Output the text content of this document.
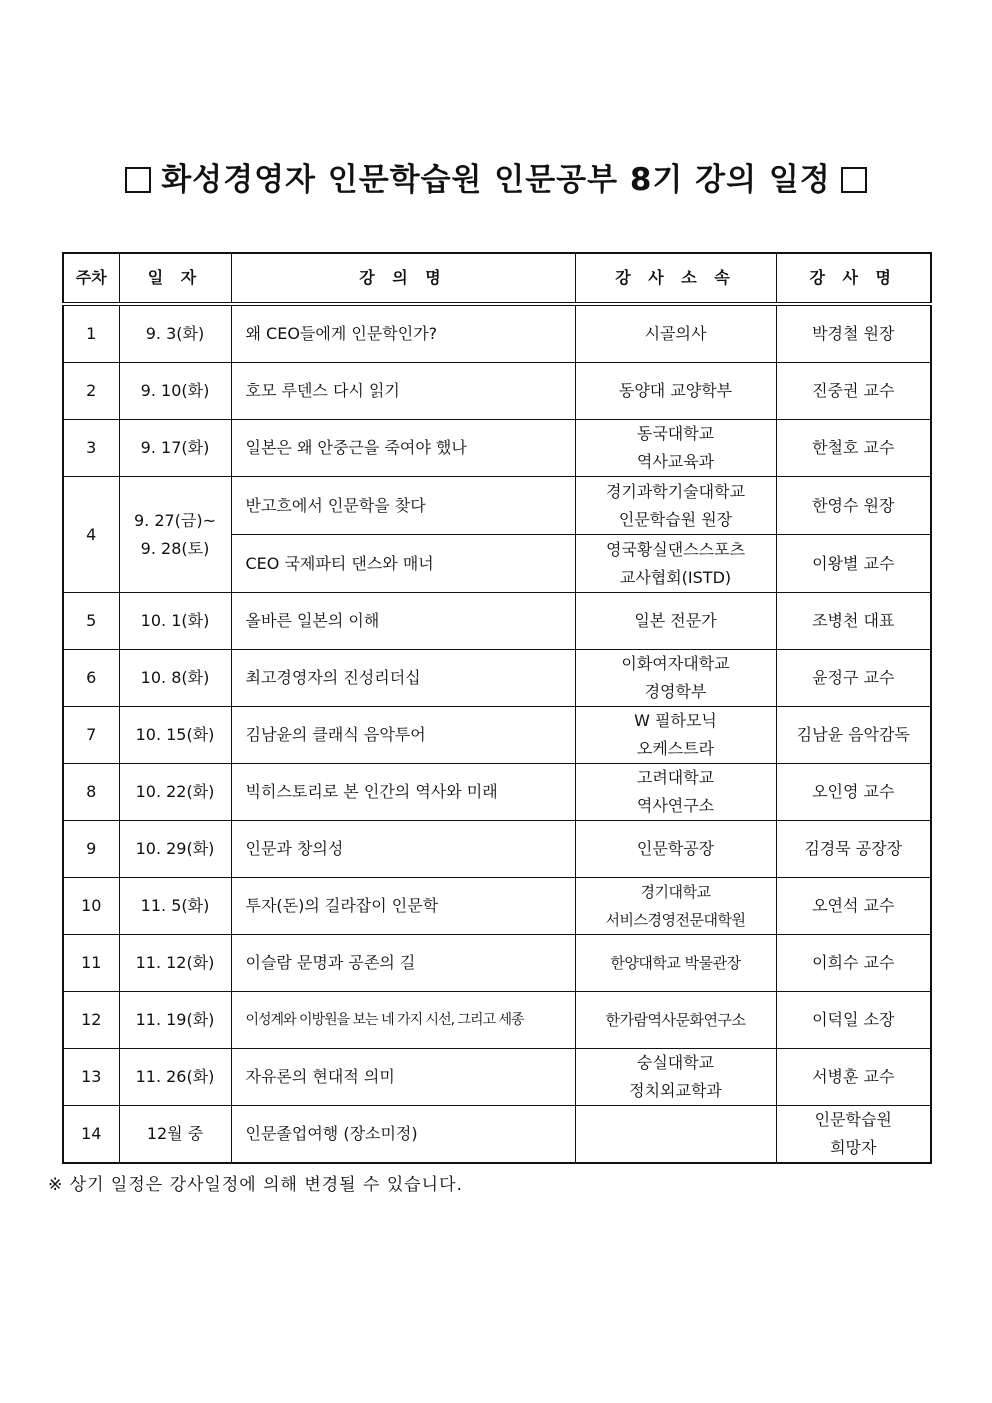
화성경영자 인문학습원 인문공부 8기 강의 일정
주차	일 자	강 의 명	강 사 소 속	강 사 명
1	9. 3(화)	왜 CEO들에게 인문학인가?	시골의사	박경철 원장

2	9. 10(화)	호모 루덴스 다시 읽기	동양대 교양학부	진중권 교수

3	9. 17(화)	일본은 왜 안중근을 죽여야 했나	동국대학교
역사교육과	한철호 교수

4	9. 27(금)~
9. 28(토)	반고흐에서 인문학을 찾다	경기과학기술대학교
인문학습원 원장	한영수 원장

		CEO 국제파티 댄스와 매너	영국황실댄스스포츠
교사협회(ISTD)	이왕별 교수

5	10. 1(화)	올바른 일본의 이해	일본 전문가	조병천 대표

6	10. 8(화)	최고경영자의 진성리더십	이화여자대학교
경영학부	윤정구 교수

7	10. 15(화)	김남윤의 클래식 음악투어	W 필하모닉
오케스트라	김남윤 음악감독

8	10. 22(화)	빅히스토리로 본 인간의 역사와 미래	고려대학교
역사연구소	오인영 교수

9	10. 29(화)	인문과 창의성	인문학공장	김경묵 공장장

10	11. 5(화)	투자(돈)의 길라잡이 인문학	경기대학교
서비스경영전문대학원	오연석 교수

11	11. 12(화)	이슬람 문명과 공존의 길	한양대학교 박물관장	이희수 교수

12	11. 19(화)	이성계와 이방원을 보는 네 가지 시선, 그리고 세종	한가람역사문화연구소	이덕일 소장

13	11. 26(화)	자유론의 현대적 의미	숭실대학교
정치외교학과	서병훈 교수

14	12월 중	인문졸업여행 (장소미정)		인문학습원
희망자
※ 상기 일정은 강사일정에 의해 변경될 수 있습니다.
